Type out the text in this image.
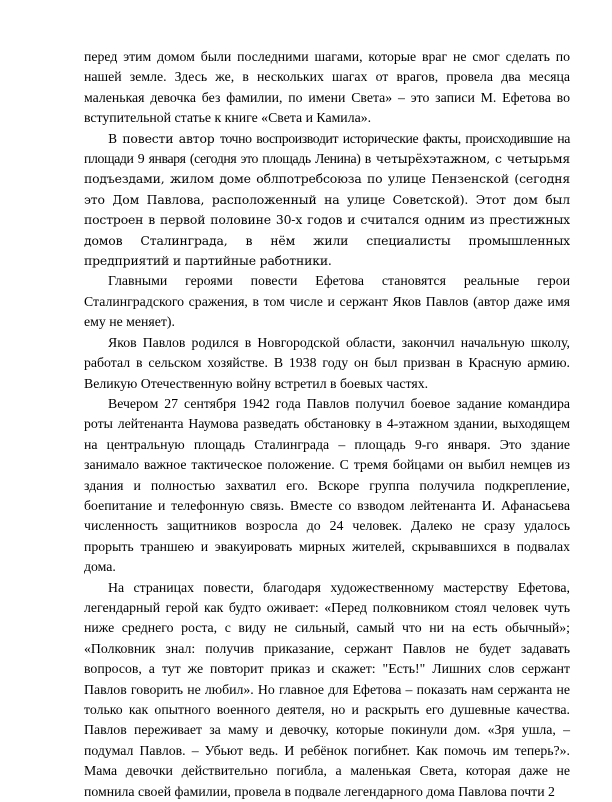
перед этим домом были последними шагами, которые враг не смог сделать по нашей земле. Здесь же, в нескольких шагах от врагов, провела два месяца маленькая девочка без фамилии, по имени Света» – это записи М. Ефетова во вступительной статье к книге «Света и Камила».

В повести автор точно воспроизводит исторические факты, происходившие на площади 9 января (сегодня это площадь Ленина) в четырёхэтажном, с четырьмя подъездами, жилом доме облпотребсоюза по улице Пензенской (сегодня это Дом Павлова, расположенный на улице Советской). Этот дом был построен в первой половине 30-х годов и считался одним из престижных домов Сталинграда, в нём жили специалисты промышленных предприятий и партийные работники.

Главными героями повести Ефетова становятся реальные герои Сталинградского сражения, в том числе и сержант Яков Павлов (автор даже имя ему не меняет).

Яков Павлов родился в Новгородской области, закончил начальную школу, работал в сельском хозяйстве. В 1938 году он был призван в Красную армию. Великую Отечественную войну встретил в боевых частях.

Вечером 27 сентября 1942 года Павлов получил боевое задание командира роты лейтенанта Наумова разведать обстановку в 4-этажном здании, выходящем на центральную площадь Сталинграда – площадь 9-го января. Это здание занимало важное тактическое положение. С тремя бойцами он выбил немцев из здания и полностью захватил его. Вскоре группа получила подкрепление, боепитание и телефонную связь. Вместе со взводом лейтенанта И. Афанасьева численность защитников возросла до 24 человек. Далеко не сразу удалось прорыть траншею и эвакуировать мирных жителей, скрывавшихся в подвалах дома.

На страницах повести, благодаря художественному мастерству Ефетова, легендарный герой как будто оживает: «Перед полковником стоял человек чуть ниже среднего роста, с виду не сильный, самый что ни на есть обычный»; «Полковник знал: получив приказание, сержант Павлов не будет задавать вопросов, а тут же повторит приказ и скажет: "Есть!" Лишних слов сержант Павлов говорить не любил». Но главное для Ефетова – показать нам сержанта не только как опытного военного деятеля, но и раскрыть его душевные качества. Павлов переживает за маму и девочку, которые покинули дом. «Зря ушла, – подумал Павлов. – Убьют ведь. И ребёнок погибнет. Как помочь им теперь?». Мама девочки действительно погибла, а маленькая Света, которая даже не помнила своей фамилии, провела в подвале легендарного дома Павлова почти 2
